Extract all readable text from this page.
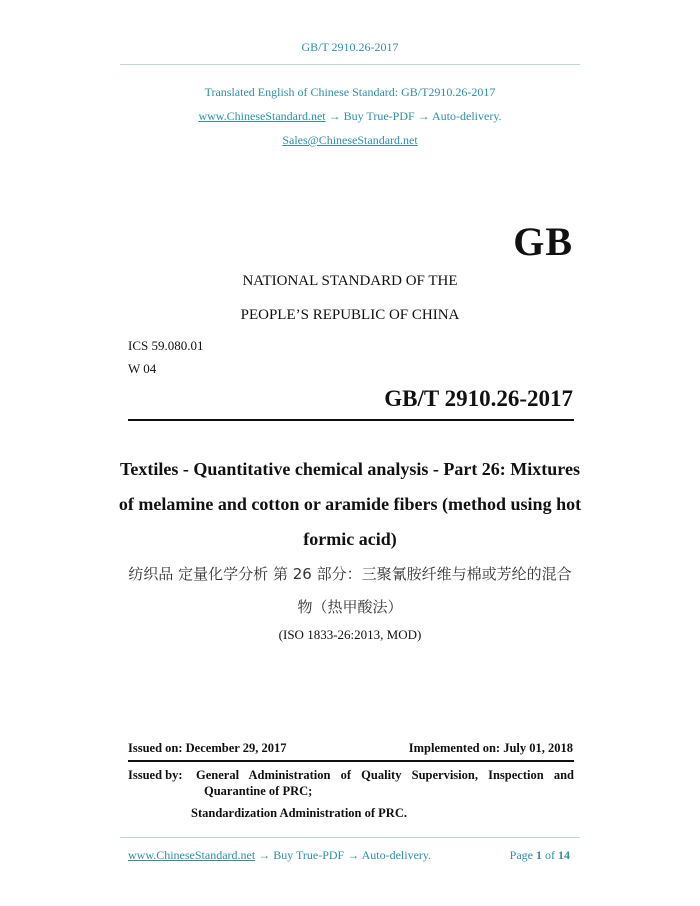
GB/T 2910.26-2017
Translated English of Chinese Standard: GB/T2910.26-2017
www.ChineseStandard.net → Buy True-PDF → Auto-delivery.
Sales@ChineseStandard.net
GB
NATIONAL STANDARD OF THE
PEOPLE’S REPUBLIC OF CHINA
ICS 59.080.01
W 04
GB/T 2910.26-2017
Textiles - Quantitative chemical analysis - Part 26: Mixtures
of melamine and cotton or aramide fibers (method using hot
formic acid)
纺织品 定量化学分析 第 26 部分：三聚氰胺纤维与棉或芳纶的混合
物（热甲酸法）
(ISO 1833-26:2013, MOD)
Issued on: December 29, 2017	Implemented on: July 01, 2018
Issued by: General Administration of Quality Supervision, Inspection and
Quarantine of PRC;
Standardization Administration of PRC.
www.ChineseStandard.net → Buy True-PDF → Auto-delivery.	Page 1 of 14
